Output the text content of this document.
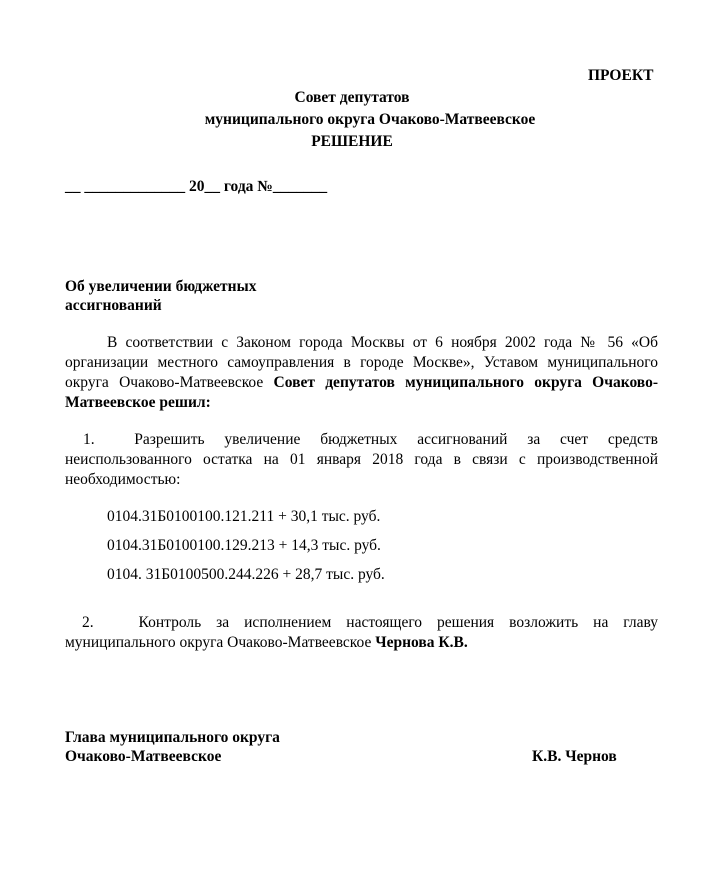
ПРОЕКТ
Совет депутатов
муниципального округа Очаково-Матвеевское
РЕШЕНИЕ
__ _____________ 20__ года №_______
Об увеличении бюджетных
ассигнований
В соответствии с Законом города Москвы от 6 ноября 2002 года № 56 «Об организации местного самоуправления в городе Москве», Уставом муниципального округа Очаково-Матвеевское Совет депутатов муниципального округа Очаково-Матвеевское решил:
1.	Разрешить увеличение бюджетных ассигнований за счет средств неиспользованного остатка на 01 января 2018 года в связи с производственной необходимостью:
0104.31Б0100100.121.211 + 30,1 тыс. руб.
0104.31Б0100100.129.213 + 14,3 тыс. руб.
0104. 31Б0100500.244.226 + 28,7 тыс. руб.
2.	Контроль за исполнением настоящего решения возложить на главу муниципального округа Очаково-Матвеевское Чернова К.В.
Глава муниципального округа
Очаково-Матвеевское	К.В. Чернов
